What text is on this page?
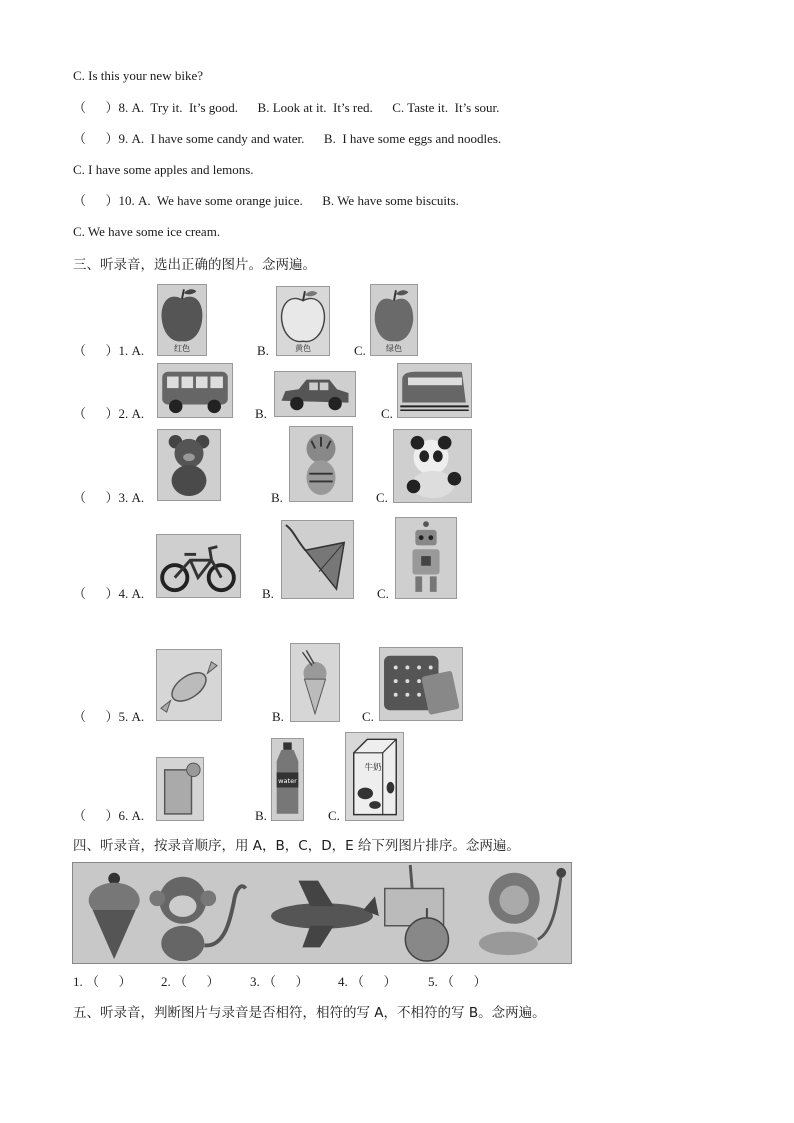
C. Is this your new bike?
（      ）8. A.  Try it.  It’s good.      B. Look at it.  It’s red.      C. Taste it.  It’s sour.
（      ）9. A.  I have some candy and water.      B.  I have some eggs and noodles.
C. I have some apples and lemons.
（      ）10. A.  We have some orange juice.      B. We have some biscuits.
C. We have some ice cream.
三、听录音，选出正确的图片。念两遍。
（      ）1. A.	红色	B.	黄色	C.	绿色
（      ）2. A.	B.	C.
（      ）3. A.	B.	C.
（      ）4. A.	B.	C.
（      ）5. A.	B.	C.
（      ）6. A.	B.
water
C.
牛奶
四、听录音，按录音顺序，用 A，B，C，D，E 给下列图片排序。念两遍。
1. （      ） 2. （      ） 3. （      ） 4. （      ） 5. （      ）
五、听录音，判断图片与录音是否相符，相符的写 A，不相符的写 B。念两遍。
